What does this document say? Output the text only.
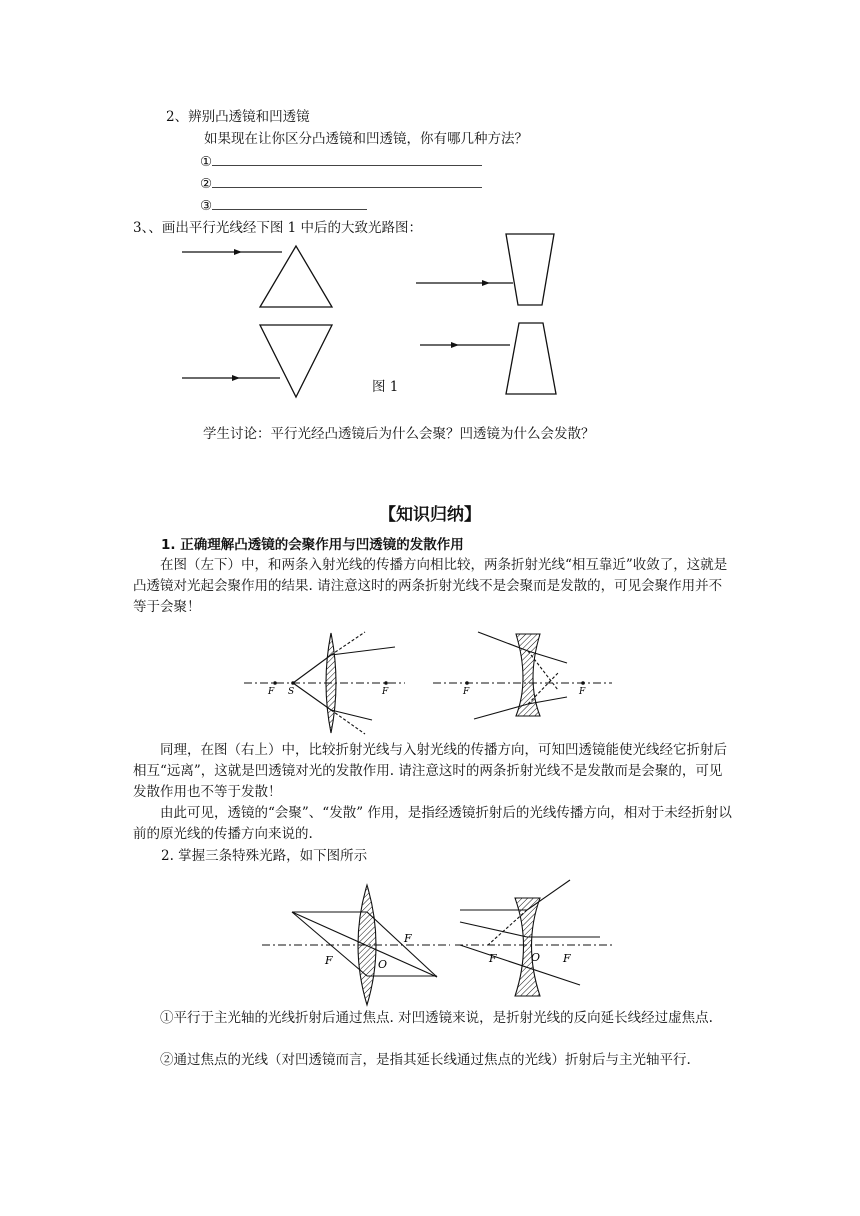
2、辨别凸透镜和凹透镜
如果现在让你区分凸透镜和凹透镜，你有哪几种方法？
①
②
③
3、、画出平行光线经下图 1 中后的大致光路图：
图 1
学生讨论：平行光经凸透镜后为什么会聚？凹透镜为什么会发散？
【知识归纳】
1. 正确理解凸透镜的会聚作用与凹透镜的发散作用
在图（左下）中，和两条入射光线的传播方向相比较，两条折射光线“相互靠近”收敛了，这就是凸透镜对光起会聚作用的结果. 请注意这时的两条折射光线不是会聚而是发散的，可见会聚作用并不等于会聚！
F S	F	F	F
同理，在图（右上）中，比较折射光线与入射光线的传播方向，可知凹透镜能使光线经它折射后相互“远离”，这就是凹透镜对光的发散作用. 请注意这时的两条折射光线不是发散而是会聚的，可见发散作用也不等于发散！
由此可见，透镜的“会聚”、“发散” 作用，是指经透镜折射后的光线传播方向，相对于未经折射以前的原光线的传播方向来说的.
2. 掌握三条特殊光路，如下图所示
F
F	O	F	O F
①平行于主光轴的光线折射后通过焦点. 对凹透镜来说，是折射光线的反向延长线经过虚焦点.
②通过焦点的光线（对凹透镜而言，是指其延长线通过焦点的光线）折射后与主光轴平行.
